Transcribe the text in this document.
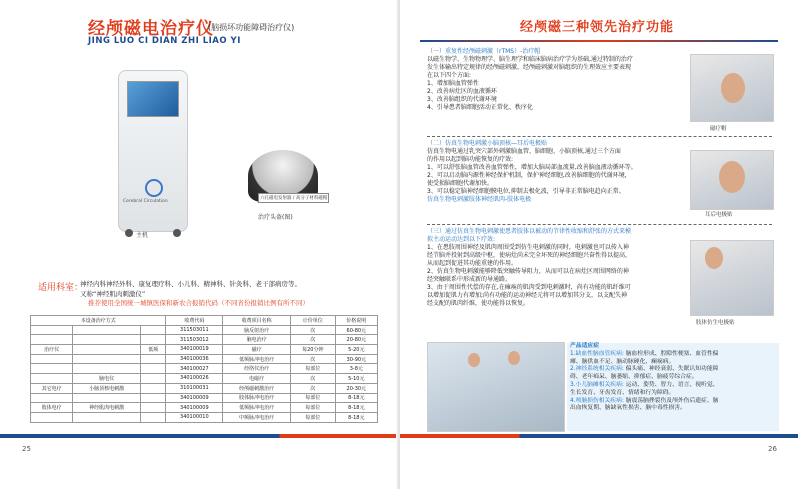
经颅磁电治疗仪
(脑损坏功能障碍治疗仪)
JING LUO CI DIAN ZHI LIAO YI
Cerebral Circulation
六孔磁电发射器 / 高分子材料磁帽
主机
治疗头盔(图)
适用科室：
神经内科神经外科、康复理疗科、小儿科、精神科、针灸科、老干部病房等。
又称“神经肌肉刺激仪”
推荐使用全国统一城镇医保和新农合报销代码（不同省份报销比例有所不同）
本设备治疗方式			收费代码	收费项目名称	计价单位	价格说明
			311503011	脑反射治疗	次	60-80元
			311503012	脑电治疗	次	20-80元
治疗仪		低频	340100019	磁疗	每20分钟	5-20元
			340100036	低频脉冲电治疗	次	30-90元
			340100027	经络仪治疗	每部位	3-8元
	脑电仪		340100026	电磁疗	次	5-10元
其它电疗	小脑顶核电刺激		310100031	经颅磁刺激治疗	次	20-30元
			340100009	肢体脉冲电治疗	每部位	8-18元
肢体电疗	神经肌肉电刺激		340100009	低频脉冲电治疗	每部位	8-18元
			340100010	中频脉冲电治疗	每部位	8-18元
25
经颅磁三种领先治疗功能
（一）重复性经颅磁刺激（rTMS）-治疗帽
以磁生物学、生物物理学、脑生理学和临床脑病治疗学为基础,通过特制的治疗
发生体输出特定规律的经颅磁刺激，经颅磁刺激对脑组织的生理效应主要表现
在以下四个方面:
1、增加脑血管弹性
2、改善病灶区的血液循环
3、改善脑组织的代谢环境
4、引导患者脑细胞活动正常化、秩序化
磁疗帽
（二）仿真生物电刺激小脑顶核—耳后电极贴
仿真生物电通过乳突穴部外刺激脑血管、脑细胞、小脑顶核,通过三个方面
的作用以起到脑功能恢复的疗效:
1、可以舒张脑血管改善血管弹性，增加大脑局部血流量,改善脑血液动循环等。
2、可以启动脑内源性神经保护机制，保护神经细胞,改善脑细胞的代谢环境，
使受损脑细胞代谢加快。
3、可以稳定脑神经细胞膜电位,抑制去极化波，引导非正常脑电趋向正常。
仿真生物电刺激肢体神经肌肉-肢体电极
耳后电极贴
（三）通过仿真生物电刺激使患者肢体以被动的节律性收缩和舒张的方式来模
拟主动运动达到以下疗效:
1、在患肢周围神经及肌肉周围受到仿生电刺激的同时，电刺激也可以传入神
经节脑并投射到高级中枢，使病灶尚未完全坏死的神经细胞兴奋性得以提高，
从而起到促进其功能重建的作用。
2、仿真生物电刺激能够降低突触传导阻力，从而可以在病灶区周围网络的神
经突触联系中形成新的导通路。
3、由于周围性代偿的存在,在瘫痪的肌肉受到电刺激时，尚有功能的肌纤维可
以增加促肌力有增加;尚有功能的运动神经元将可以增加其分支，以支配失神
经支配的肌肉纤维，使功能得以恢复。
肢体仿生电极贴
产品适应症
1.缺血性脑血管疾病: 脑血栓形成、腔隙性梗塞、血管性偏
瘫、脑供血不足、脑动脉硬化、癫痫病。
2.神经系统相关疾病: 偏头痛、神经衰弱、失眠认知功能障
碍、老年痴呆、脑萎缩、抑郁症、脑疲劳综合症。
3.小儿脑瘫相关疾病: 运动、姿势、智力、语言、视听觉、
生长发育、牙齿发育、情绪和行为障碍。
4.颅脑损伤相关疾病: 脑震荡脑挫裂伤及颅外伤后遗症、脑
出血恢复期、脑缺氧性损害、脑中毒性损害。
26
